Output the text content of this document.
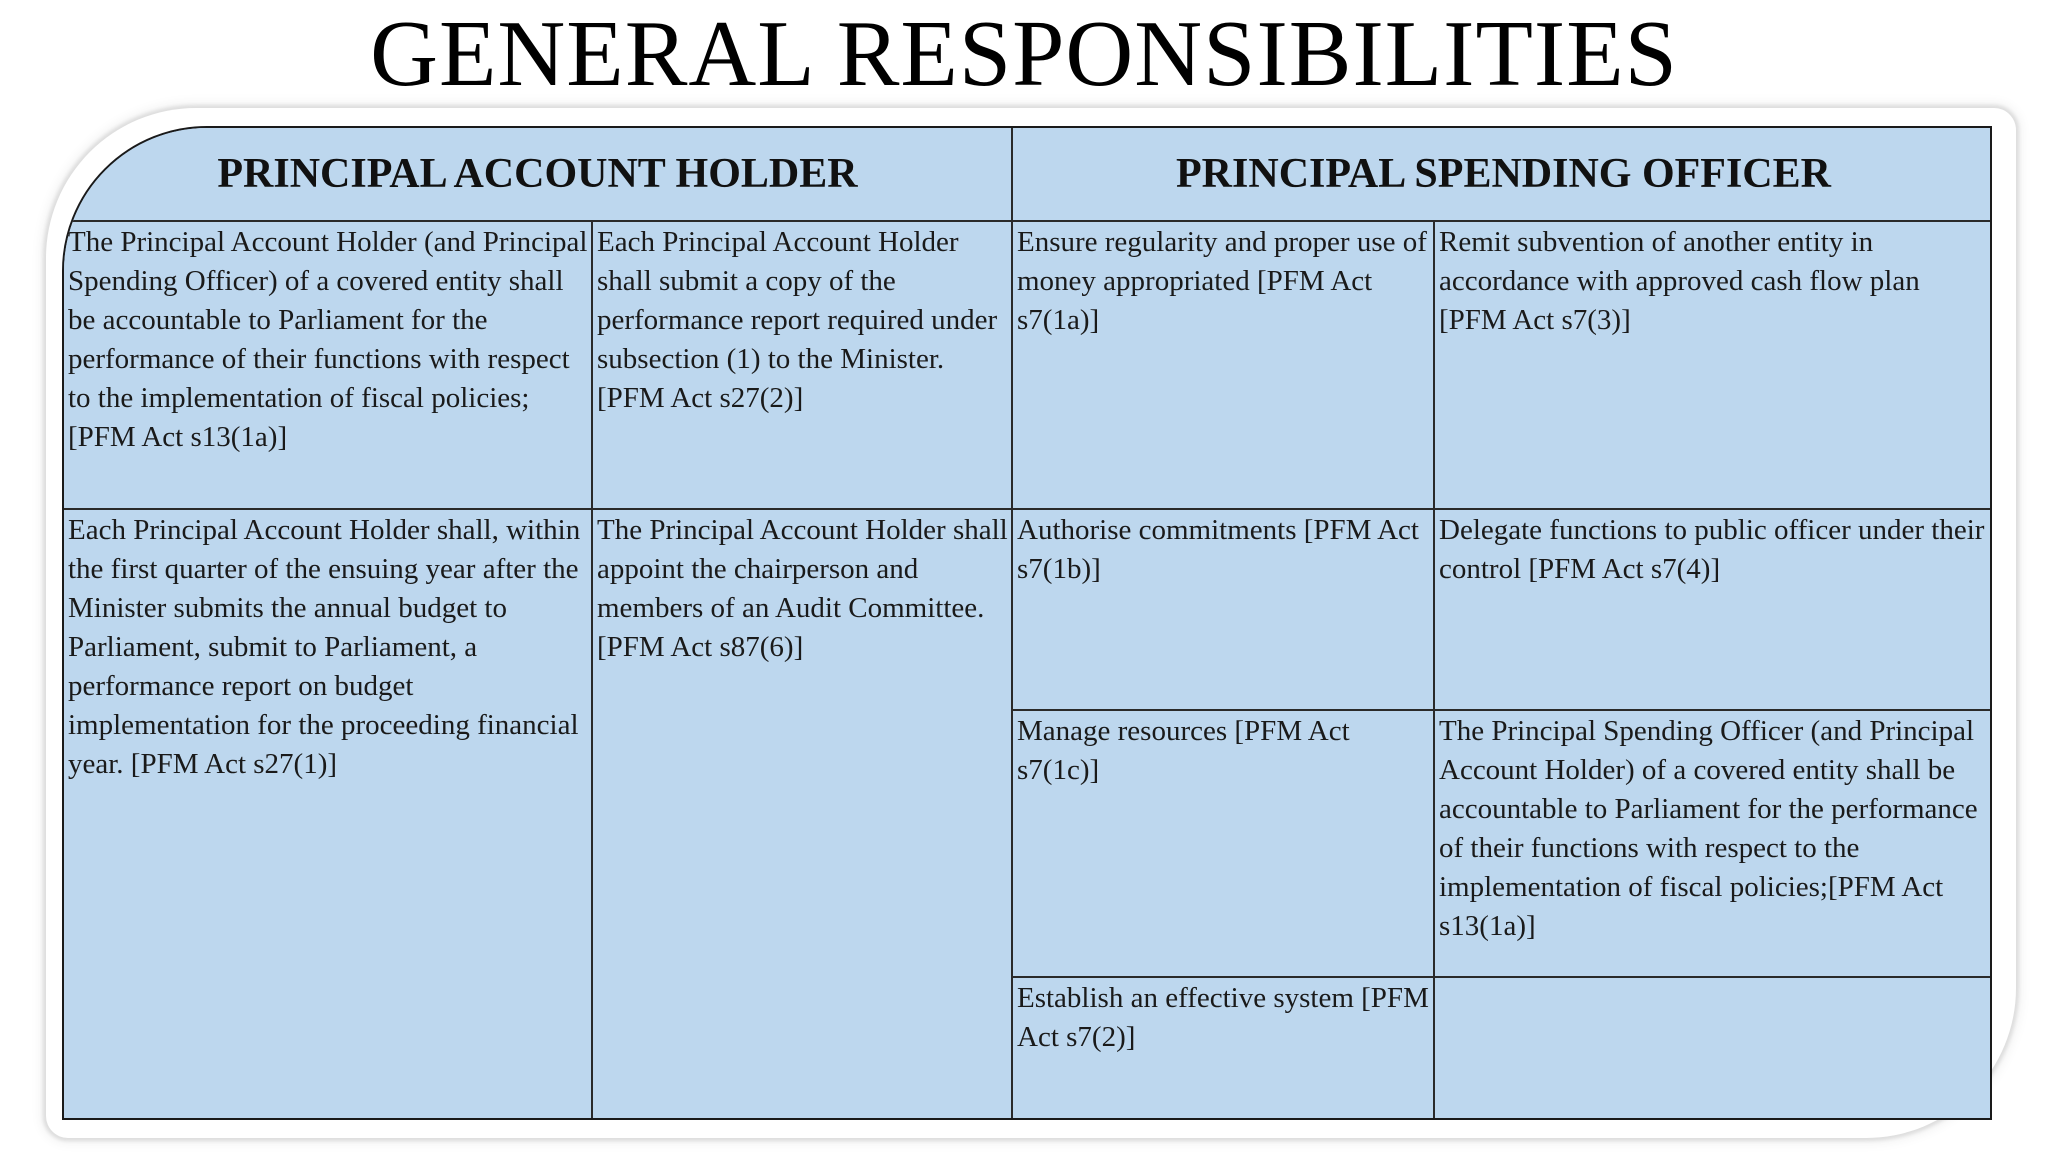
GENERAL RESPONSIBILITIES
PRINCIPAL ACCOUNT HOLDER	PRINCIPAL SPENDING OFFICER
The Principal Account Holder (and Principal Spending Officer) of a covered entity shall be accountable to Parliament for the performance of their functions with respect to the implementation of fiscal policies;[PFM Act s13(1a)]
Each Principal Account Holder shall submit a copy of the performance report required under subsection (1) to the Minister. [PFM Act s27(2)]
Ensure regularity and proper use of money appropriated [PFM Act s7(1a)]
Remit subvention of another entity in accordance with approved cash flow plan [PFM Act s7(3)]
Each Principal Account Holder shall, within the first quarter of the ensuing year after the Minister submits the annual budget to Parliament, submit to Parliament, a performance report on budget implementation for the proceeding financial year. [PFM Act s27(1)]
The Principal Account Holder shall appoint the chairperson and members of an Audit Committee.[PFM Act s87(6)]
Authorise commitments [PFM Act s7(1b)]
Delegate functions to public officer under their control [PFM Act s7(4)]
Manage resources [PFM Act s7(1c)]
The Principal Spending Officer (and Principal Account Holder) of a covered entity shall be accountable to Parliament for the performance of their functions with respect to the implementation of fiscal policies;[PFM Act s13(1a)]
Establish an effective system [PFM Act s7(2)]
